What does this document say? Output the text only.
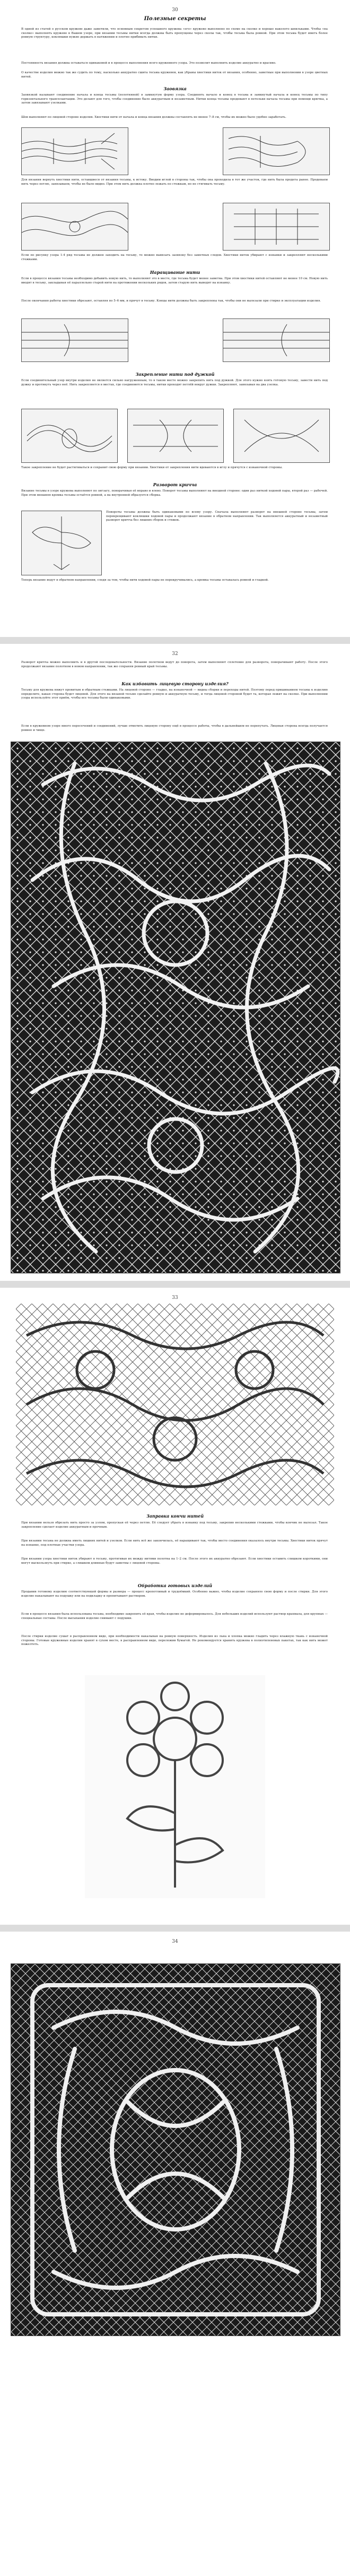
30
Полезные секреты

В одной из статей о русском кружеве даже заметили, что основным секретом успешного кружева «его» кружево выполнено по схеме на сколке и хорошо наколото шпильками. Чтобы «на сколке» выполнять кружево в Вашем узоре, при вязании тесьмы нитки всегда должны быть пропущены через сколы так, чтобы тесьма была ровной. При этом тесьма будет иметь более ровную структуру, коклюшки нужно держать в натяжении и плотно прибивать нитки.

Постоянность вязания должна оставаться одинаковой и в процессе выполнения всего кружевного узора. Это позволит выполнить изделие аккуратно и красиво.

О качестве изделия можно так же судить по тому, насколько аккуратно сшита тесьма кружевов, как убраны хвостики ниток от вязания, особенно, заметные при выполнении в узоре цветных нитей.

Заовязка

Заовязкой называют соединение начала и конца тесьмы (полотняной) в замкнутую форму узора. Соединять начало и конец в тесьма и замкнутый начала и конец тесьмы по типу горизонтального трансплантации. Это делают для того, чтобы соединение было аккуратным и незаметным. Нитки конца тесьмы продевают в петельки начала тесьмы при помощи крючка, а затем завязывают узелками.

Шов выполняют по лицевой стороне изделия. Хвостики нити от начала и конца вязания должны составлять не менее 7–8 см, чтобы их можно было удобно заработать.

Для вязания вернуть хвостики нити, оставшиеся от вязания тесьмы, к истоку. Вводим иглой в стороны так, чтобы она проходила в тот же участок, где нить была продета ранее. Продеваем нить через петлю, завязываем, чтобы не было видно. При этом нить должна плотно лежать по стежкам, но не стягивать тесьму.

Если по рисунку узора 1-4 ряд тесьмы не должен заходить на тесьму, то можно вывязать заовязку без заметных следов. Хвостики ниток убирают с изнанки и закрепляют несколькими стежками.

Наращивание нити

Если в процессе вязания тесьмы необходимо добавить новую нить, то выполняют это в месте, где тесьма будет менее заметна. При этом хвостики нитей оставляют не менее 10 см. Новую нить вводят в тесьму, закладывая её параллельно старой нити на протяжении нескольких рядов, затем старую нить выводят на изнанку.

После окончания работы хвостики обрезают, оставляя по 5–6 мм, и прячут в тесьму. Концы нити должны быть закреплены так, чтобы они не вылезали при стирке и эксплуатации изделия.

Закрепление нити под дужкой

Если соединительный узор внутри изделия не является сильно нагруженным, то в таком месте можно закрепить нить под дужкой. Для этого нужно взять готовую тесьму, завести нить под дужку и протянуть через неё. Нить закрепляется в местах, где соединяются тесьмы, нитки проходят петлёй вокруг дужки. Закрепляют, завязывая на два узелка.

Такое закрепление не будет растягиваться и сохранит свою форму при вязании. Хвостики от закрепления нити вдеваются в иглу и прячутся с изнаночной стороны.

Разворот кричча

Вязание тесьмы в узоре кружева выполняют по зигзагу, поворачивая её вправо и влево. Поворот тесьмы выполняют на внешней стороне: один раз ниткой ходовой пары, второй раз — рабочей. При этом внешняя кромка тесьмы остаётся ровной, а на внутренней образуется сборка.

Повороты тесьмы должны быть одинаковыми по всему узору. Сначала выполняют разворот на внешней стороне тесьмы, затем перекрещивают коклюшки ходовой пары и продолжают вязание в обратном направлении. Так выполняется аккуратный и незаметный разворот кричча без лишних сборок и стяжек.

Теперь вязание ведут в обратном направлении, следя за тем, чтобы нити ходовой пары не перекручивались, а кромка тесьмы оставалась ровной и гладкой.

32

Разворот кричча можно выполнить и в другой последовательности. Вязание полотном ведут до поворота, затем выполняют сплетение для разворота, поворачивают работу. После этого продолжают вязание полотном в новом направлении, так же сохраняя ровный край тесьмы.

Как избавить лицевую сторону изделия?

Тесьму для кружева вяжут провитым и обратным стежками. На лицевой стороне — гладко, на изнаночной — видны сборки и переходы нитей. Поэтому перед пришиванием тесьмы к изделию определите, какая сторона будет лицевой. Для этого на вязаной тесьме сделайте ровную и аккуратную тесьму, и тогда лицевой стороной будет та, которая лежит на сколке. При выполнении узора используйте этот приём, чтобы все тесьмы были одинаковыми.

Если в кружевном узоре много пересечений и соединений, лучше отметить лицевую сторону ещё в процессе работы, чтобы в дальнейшем не перепутать. Лицевая сторона всегда получается ровнее и чище.

33
Заправка кончи нитей

При вязании нельзя обрезать нить просто за узлом, пропуская её через петлю. Её следует убрать в изнанку под тесьму, закрепив несколькими стежками, чтобы кончик не вылезал. Такое закрепление сделает изделие аккуратным и прочным.

При вязании тесьма не должна иметь лишних нитей и узелков. Если нить всё же закончилась, её наращивают так, чтобы место соединения оказалось внутри тесьмы. Хвостики ниток прячут на изнанке, под плотные участки узора.

При вязании узора хвостики ниток убирают в тесьму, протягивая их между нитями полотна на 1–2 см. После этого их аккуратно обрезают. Если хвостики оставить слишком короткими, они могут выскользнуть при стирке, а слишком длинные будут заметны с лицевой стороны.

Обработка готовых изделий

Продавив готовому изделию соответствующей формы и размера — процесс кропотливый и трудоёмкий. Особенно важно, чтобы изделие сохраняло свою форму и после стирки. Для этого изделие накалывают на подушку или на подкладку и пропитывают раствором.

Если в процессе вязания была использована тесьма, необходимо закрепить её края, чтобы изделие не деформировалось. Для небольших изделий используют раствор крахмала, для крупных — специальные составы. После высыхания изделие снимают с подушки.

После стирки изделие сушат в расправленном виде, при необходимости накалывая на ровную поверхность. Изделия из льна и хлопка можно гладить через влажную ткань с изнаночной стороны. Готовые кружевные изделия хранят в сухом месте, в расправленном виде, переложив бумагой. Не рекомендуется хранить кружева в полиэтиленовых пакетах, так как нить может пожелтеть.

34
